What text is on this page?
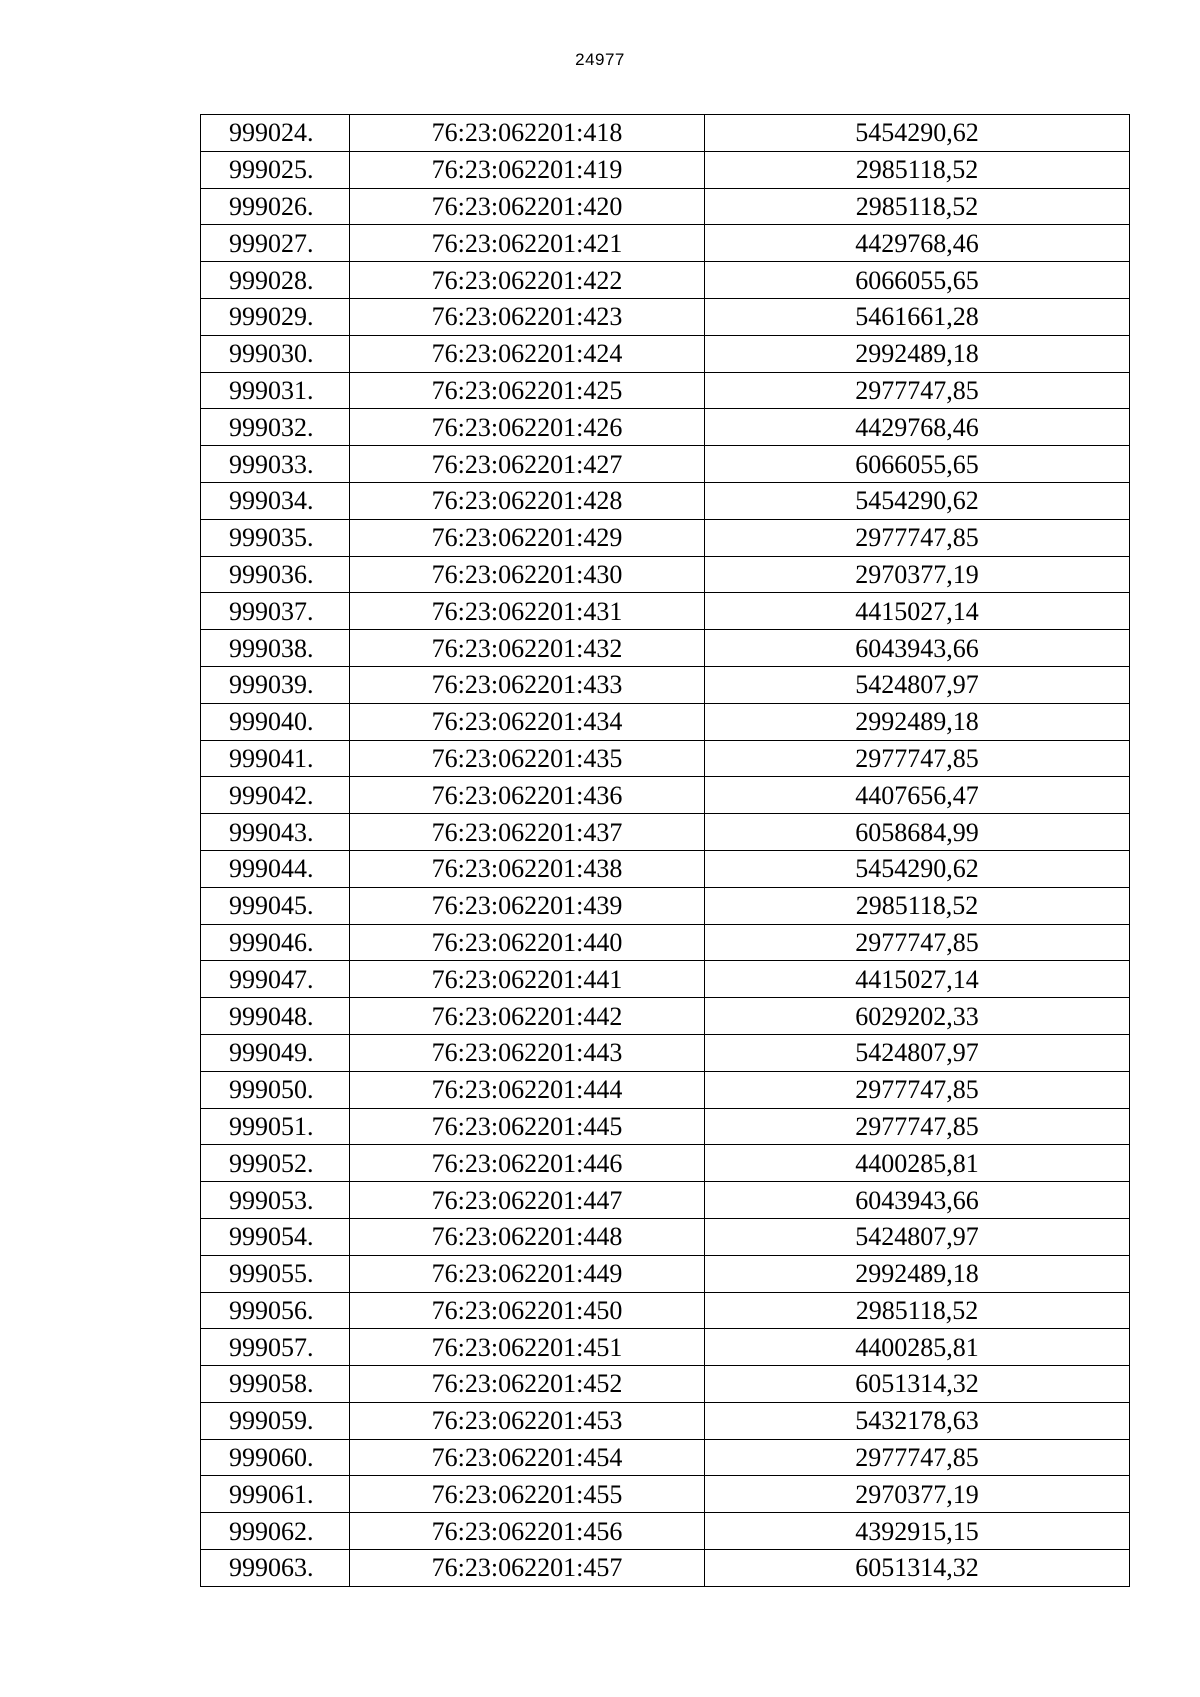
24977
999024.	76:23:062201:418	5454290,62
999025.	76:23:062201:419	2985118,52
999026.	76:23:062201:420	2985118,52
999027.	76:23:062201:421	4429768,46
999028.	76:23:062201:422	6066055,65
999029.	76:23:062201:423	5461661,28
999030.	76:23:062201:424	2992489,18
999031.	76:23:062201:425	2977747,85
999032.	76:23:062201:426	4429768,46
999033.	76:23:062201:427	6066055,65
999034.	76:23:062201:428	5454290,62
999035.	76:23:062201:429	2977747,85
999036.	76:23:062201:430	2970377,19
999037.	76:23:062201:431	4415027,14
999038.	76:23:062201:432	6043943,66
999039.	76:23:062201:433	5424807,97
999040.	76:23:062201:434	2992489,18
999041.	76:23:062201:435	2977747,85
999042.	76:23:062201:436	4407656,47
999043.	76:23:062201:437	6058684,99
999044.	76:23:062201:438	5454290,62
999045.	76:23:062201:439	2985118,52
999046.	76:23:062201:440	2977747,85
999047.	76:23:062201:441	4415027,14
999048.	76:23:062201:442	6029202,33
999049.	76:23:062201:443	5424807,97
999050.	76:23:062201:444	2977747,85
999051.	76:23:062201:445	2977747,85
999052.	76:23:062201:446	4400285,81
999053.	76:23:062201:447	6043943,66
999054.	76:23:062201:448	5424807,97
999055.	76:23:062201:449	2992489,18
999056.	76:23:062201:450	2985118,52
999057.	76:23:062201:451	4400285,81
999058.	76:23:062201:452	6051314,32
999059.	76:23:062201:453	5432178,63
999060.	76:23:062201:454	2977747,85
999061.	76:23:062201:455	2970377,19
999062.	76:23:062201:456	4392915,15
999063.	76:23:062201:457	6051314,32
